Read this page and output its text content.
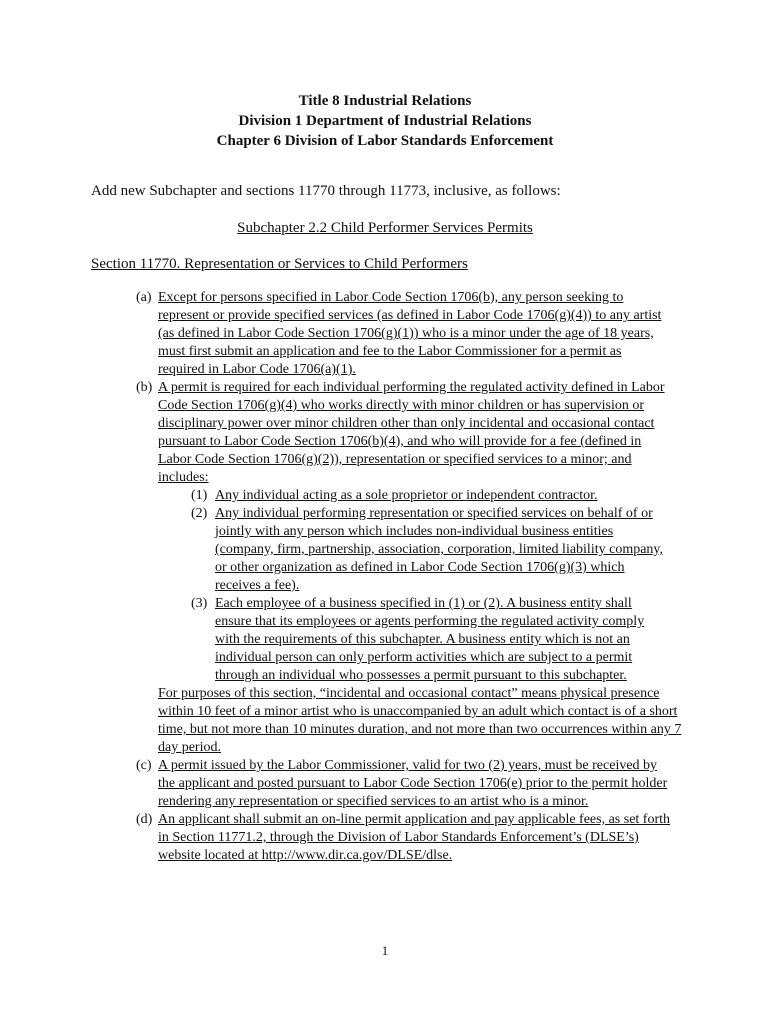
Title 8 Industrial Relations
Division 1 Department of Industrial Relations
Chapter 6 Division of Labor Standards Enforcement
Add new Subchapter and sections 11770 through 11773, inclusive, as follows:
Subchapter 2.2 Child Performer Services Permits
Section 11770. Representation or Services to Child Performers
(a) Except for persons specified in Labor Code Section 1706(b), any person seeking to represent or provide specified services (as defined in Labor Code 1706(g)(4)) to any artist (as defined in Labor Code Section 1706(g)(1)) who is a minor under the age of 18 years, must first submit an application and fee to the Labor Commissioner for a permit as required in Labor Code 1706(a)(1).
(b) A permit is required for each individual performing the regulated activity defined in Labor Code Section 1706(g)(4) who works directly with minor children or has supervision or disciplinary power over minor children other than only incidental and occasional contact pursuant to Labor Code Section 1706(b)(4), and who will provide for a fee (defined in Labor Code Section 1706(g)(2)), representation or specified services to a minor; and includes:
(1) Any individual acting as a sole proprietor or independent contractor.
(2) Any individual performing representation or specified services on behalf of or jointly with any person which includes non-individual business entities (company, firm, partnership, association, corporation, limited liability company, or other organization as defined in Labor Code Section 1706(g)(3) which receives a fee).
(3) Each employee of a business specified in (1) or (2). A business entity shall ensure that its employees or agents performing the regulated activity comply with the requirements of this subchapter. A business entity which is not an individual person can only perform activities which are subject to a permit through an individual who possesses a permit pursuant to this subchapter.
For purposes of this section, “incidental and occasional contact” means physical presence within 10 feet of a minor artist who is unaccompanied by an adult which contact is of a short time, but not more than 10 minutes duration, and not more than two occurrences within any 7 day period.
(c) A permit issued by the Labor Commissioner, valid for two (2) years, must be received by the applicant and posted pursuant to Labor Code Section 1706(e) prior to the permit holder rendering any representation or specified services to an artist who is a minor.
(d) An applicant shall submit an on-line permit application and pay applicable fees, as set forth in Section 11771.2, through the Division of Labor Standards Enforcement’s (DLSE’s) website located at http://www.dir.ca.gov/DLSE/dlse.
1
